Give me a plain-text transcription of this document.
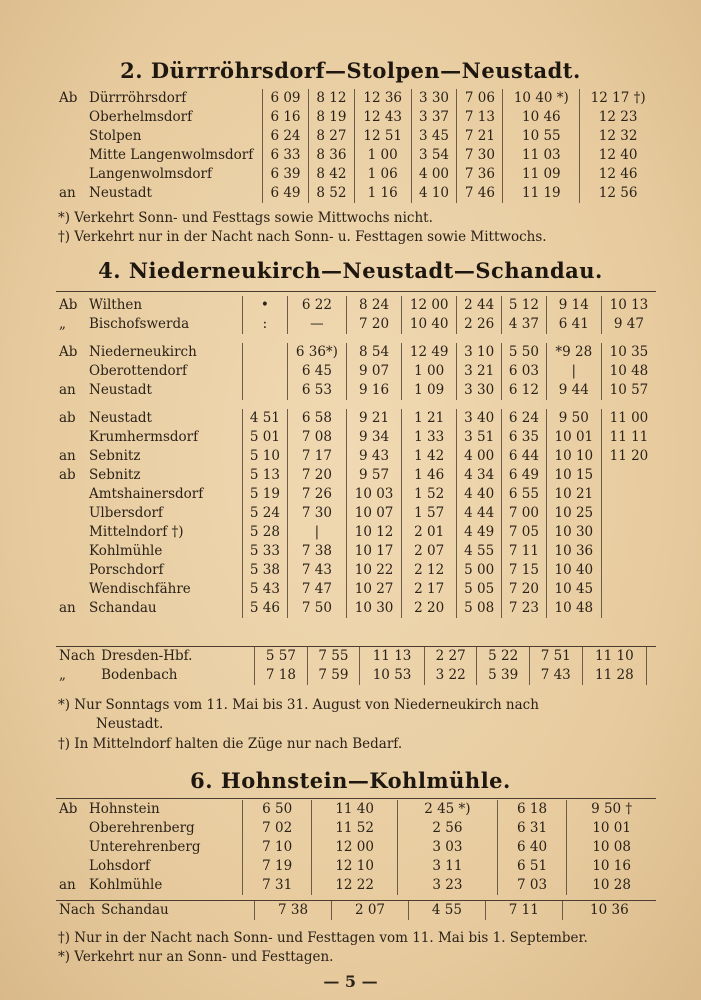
2. Dürrröhrsdorf—Stolpen—Neustadt.
Ab	Dürrröhrsdorf	6 09	8 12	12 36	3 30	7 06	10 40 *)	12 17 †)
	Oberhelmsdorf	6 16	8 19	12 43	3 37	7 13	10 46	12 23
	Stolpen	6 24	8 27	12 51	3 45	7 21	10 55	12 32
	Mitte Langenwolmsdorf	6 33	8 36	1 00	3 54	7 30	11 03	12 40
	Langenwolmsdorf	6 39	8 42	1 06	4 00	7 36	11 09	12 46
an	Neustadt	6 49	8 52	1 16	4 10	7 46	11 19	12 56
*) Verkehrt Sonn- und Festtags sowie Mittwochs nicht.
†) Verkehrt nur in der Nacht nach Sonn- u. Festtagen sowie Mittwochs.
4. Niederneukirch—Neustadt—Schandau.
Ab	Wilthen	•	6 22	8 24	12 00	2 44	5 12	9 14	10 13
„	Bischofswerda	:	—	7 20	10 40	2 26	4 37	6 41	9 47

Ab	Niederneukirch		6 36*)	8 54	12 49	3 10	5 50	*9 28	10 35
	Oberottendorf		6 45	9 07	1 00	3 21	6 03	|	10 48
an	Neustadt		6 53	9 16	1 09	3 30	6 12	9 44	10 57

ab	Neustadt	4 51	6 58	9 21	1 21	3 40	6 24	9 50	11 00
	Krumhermsdorf	5 01	7 08	9 34	1 33	3 51	6 35	10 01	11 11
an	Sebnitz	5 10	7 17	9 43	1 42	4 00	6 44	10 10	11 20
ab	Sebnitz	5 13	7 20	9 57	1 46	4 34	6 49	10 15	
	Amtshainersdorf	5 19	7 26	10 03	1 52	4 40	6 55	10 21	
	Ulbersdorf	5 24	7 30	10 07	1 57	4 44	7 00	10 25	
	Mittelndorf †)	5 28	|	10 12	2 01	4 49	7 05	10 30	
	Kohlmühle	5 33	7 38	10 17	2 07	4 55	7 11	10 36	
	Porschdorf	5 38	7 43	10 22	2 12	5 00	7 15	10 40	
	Wendischfähre	5 43	7 47	10 27	2 17	5 05	7 20	10 45	
an	Schandau	5 46	7 50	10 30	2 20	5 08	7 23	10 48	
Nach	Dresden-Hbf.	5 57	7 55	11 13	2 27	5 22	7 51	11 10	
„	Bodenbach	7 18	7 59	10 53	3 22	5 39	7 43	11 28	
*) Nur Sonntags vom 11. Mai bis 31. August von Niederneukirch nach
Neustadt.
†) In Mittelndorf halten die Züge nur nach Bedarf.
6. Hohnstein—Kohlmühle.
Ab	Hohnstein	6 50	11 40	2 45 *)	6 18	9 50 †
	Oberehrenberg	7 02	11 52	2 56	6 31	10 01
	Unterehrenberg	7 10	12 00	3 03	6 40	10 08
	Lohsdorf	7 19	12 10	3 11	6 51	10 16
an	Kohlmühle	7 31	12 22	3 23	7 03	10 28
Nach	Schandau	7 38	2 07	4 55	7 11	10 36
†) Nur in der Nacht nach Sonn- und Festtagen vom 11. Mai bis 1. September.
*) Verkehrt nur an Sonn- und Festtagen.
— 5 —
